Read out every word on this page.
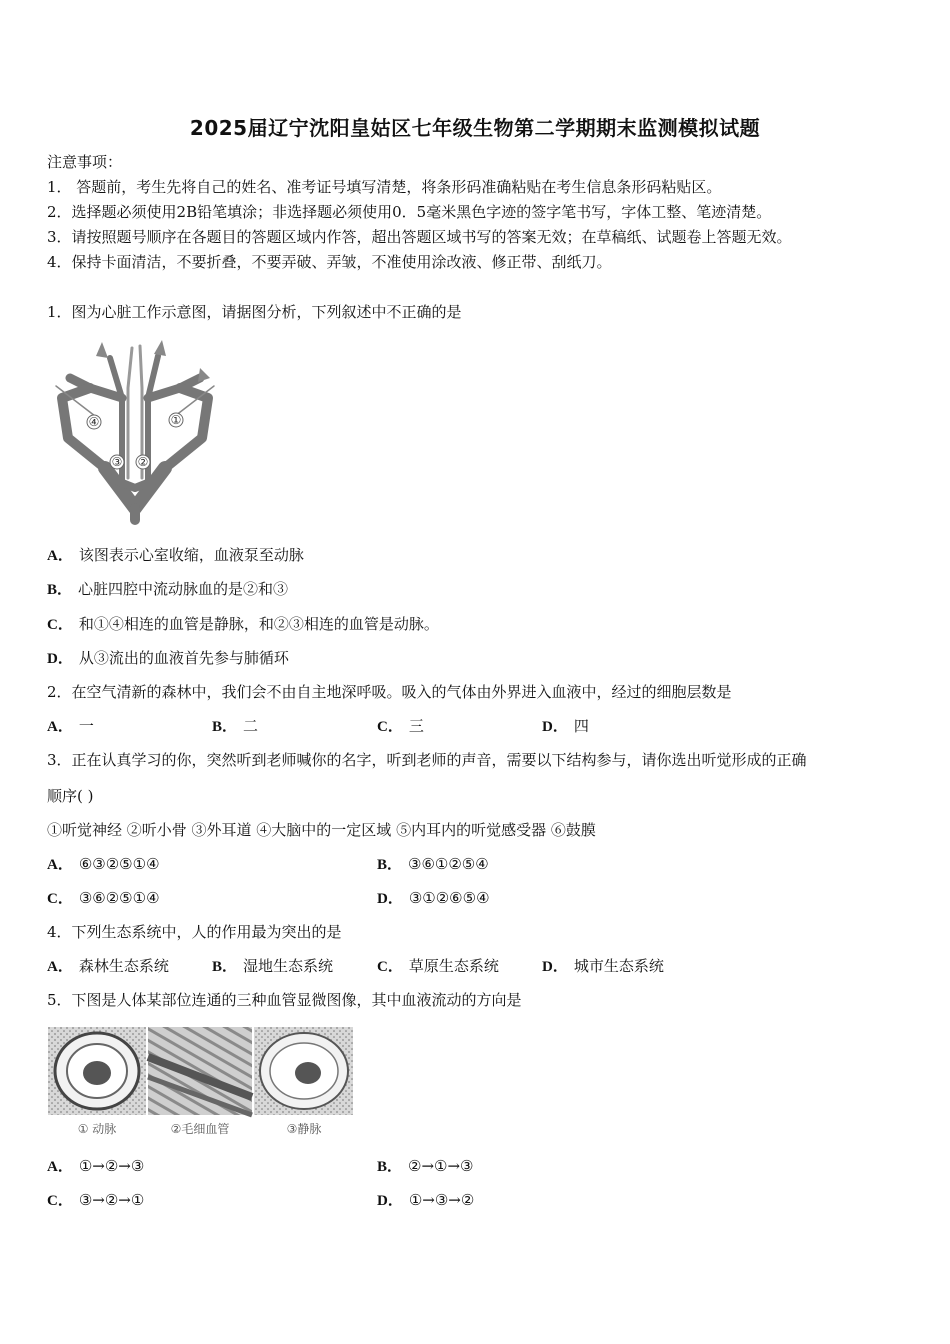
2025届辽宁沈阳皇姑区七年级生物第二学期期末监测模拟试题
注意事项：
1． 答题前，考生先将自己的姓名、准考证号填写清楚，将条形码准确粘贴在考生信息条形码粘贴区。
2．选择题必须使用2B铅笔填涂；非选择题必须使用0．5毫米黑色字迹的签字笔书写，字体工整、笔迹清楚。
3．请按照题号顺序在各题目的答题区域内作答，超出答题区域书写的答案无效；在草稿纸、试题卷上答题无效。
4．保持卡面清洁，不要折叠，不要弄破、弄皱，不准使用涂改液、修正带、刮纸刀。
1．图为心脏工作示意图，请据图分析，下列叙述中不正确的是
④	①
③ ②
A． 该图表示心室收缩，血液泵至动脉
B． 心脏四腔中流动脉血的是②和③
C． 和①④相连的血管是静脉，和②③相连的血管是动脉。
D． 从③流出的血液首先参与肺循环
2．在空气清新的森林中，我们会不由自主地深呼吸。吸入的气体由外界进入血液中，经过的细胞层数是
A． 一	B． 二	C． 三	D． 四
3．正在认真学习的你，突然听到老师喊你的名字，听到老师的声音，需要以下结构参与，请你选出听觉形成的正确
顺序( )
①听觉神经 ②听小骨 ③外耳道 ④大脑中的一定区域 ⑤内耳内的听觉感受器 ⑥鼓膜
A． ⑥③②⑤①④	B． ③⑥①②⑤④
C． ③⑥②⑤①④	D． ③①②⑥⑤④
4．下列生态系统中，人的作用最为突出的是
A． 森林生态系统	B． 湿地生态系统	C． 草原生态系统	D． 城市生态系统
5．下图是人体某部位连通的三种血管显微图像，其中血液流动的方向是
① 动脉	②毛细血管	③静脉
A． ①→②→③	B． ②→①→③
C． ③→②→①	D． ①→③→②
